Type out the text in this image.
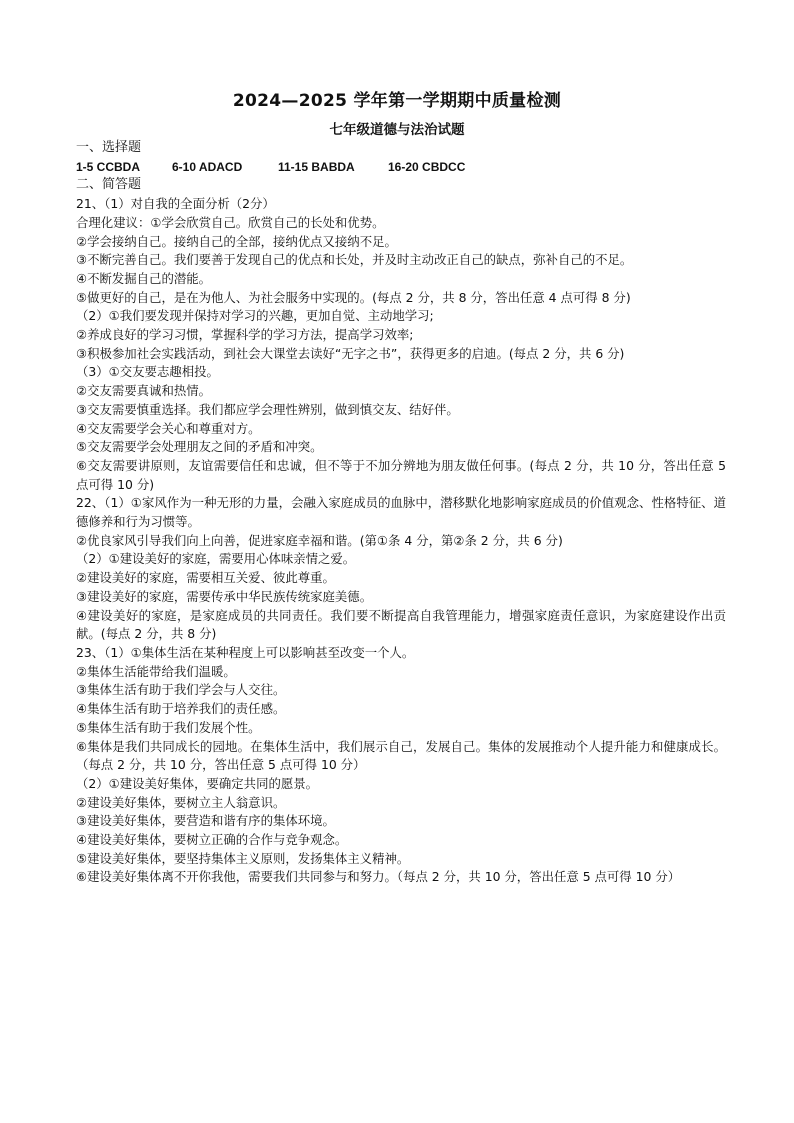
2024—2025 学年第一学期期中质量检测
七年级道德与法治试题
一、选择题
1-5 CCBDA	6-10 ADACD	11-15 BABDA	16-20 CBDCC
二、简答题
21、（1）对自我的全面分析（2分）
合理化建议：①学会欣赏自己。欣赏自己的长处和优势。
②学会接纳自己。接纳自己的全部，接纳优点又接纳不足。
③不断完善自己。我们要善于发现自己的优点和长处，并及时主动改正自己的缺点，弥补自己的不足。
④不断发掘自己的潜能。
⑤做更好的自己，是在为他人、为社会服务中实现的。(每点 2 分，共 8 分，答出任意 4 点可得 8 分)
（2）①我们要发现并保持对学习的兴趣，更加自觉、主动地学习;
②养成良好的学习习惯，掌握科学的学习方法，提高学习效率;
③积极参加社会实践活动，到社会大课堂去读好“无字之书”，获得更多的启迪。(每点 2 分，共 6 分)
（3）①交友要志趣相投。
②交友需要真诚和热情。
③交友需要慎重选择。我们都应学会理性辨别，做到慎交友、结好伴。
④交友需要学会关心和尊重对方。
⑤交友需要学会处理朋友之间的矛盾和冲突。
⑥交友需要讲原则，友谊需要信任和忠诚，但不等于不加分辨地为朋友做任何事。(每点 2 分，共 10 分，答出任意 5 点可得 10 分)
22、（1）①家风作为一种无形的力量，会融入家庭成员的血脉中，潜移默化地影响家庭成员的价值观念、性格特征、道德修养和行为习惯等。
②优良家风引导我们向上向善，促进家庭幸福和谐。(第①条 4 分，第②条 2 分，共 6 分)
（2）①建设美好的家庭，需要用心体味亲情之爱。
②建设美好的家庭，需要相互关爱、彼此尊重。
③建设美好的家庭，需要传承中华民族传统家庭美德。
④建设美好的家庭，是家庭成员的共同责任。我们要不断提高自我管理能力，增强家庭责任意识，为家庭建设作出贡献。(每点 2 分，共 8 分)
23、（1）①集体生活在某种程度上可以影响甚至改变一个人。
②集体生活能带给我们温暖。
③集体生活有助于我们学会与人交往。
④集体生活有助于培养我们的责任感。
⑤集体生活有助于我们发展个性。
⑥集体是我们共同成长的园地。在集体生活中，我们展示自己，发展自己。集体的发展推动个人提升能力和健康成长。（每点 2 分，共 10 分，答出任意 5 点可得 10 分）
（2）①建设美好集体，要确定共同的愿景。
②建设美好集体，要树立主人翁意识。
③建设美好集体，要营造和谐有序的集体环境。
④建设美好集体，要树立正确的合作与竞争观念。
⑤建设美好集体，要坚持集体主义原则，发扬集体主义精神。
⑥建设美好集体离不开你我他，需要我们共同参与和努力。（每点 2 分，共 10 分，答出任意 5 点可得 10 分）
